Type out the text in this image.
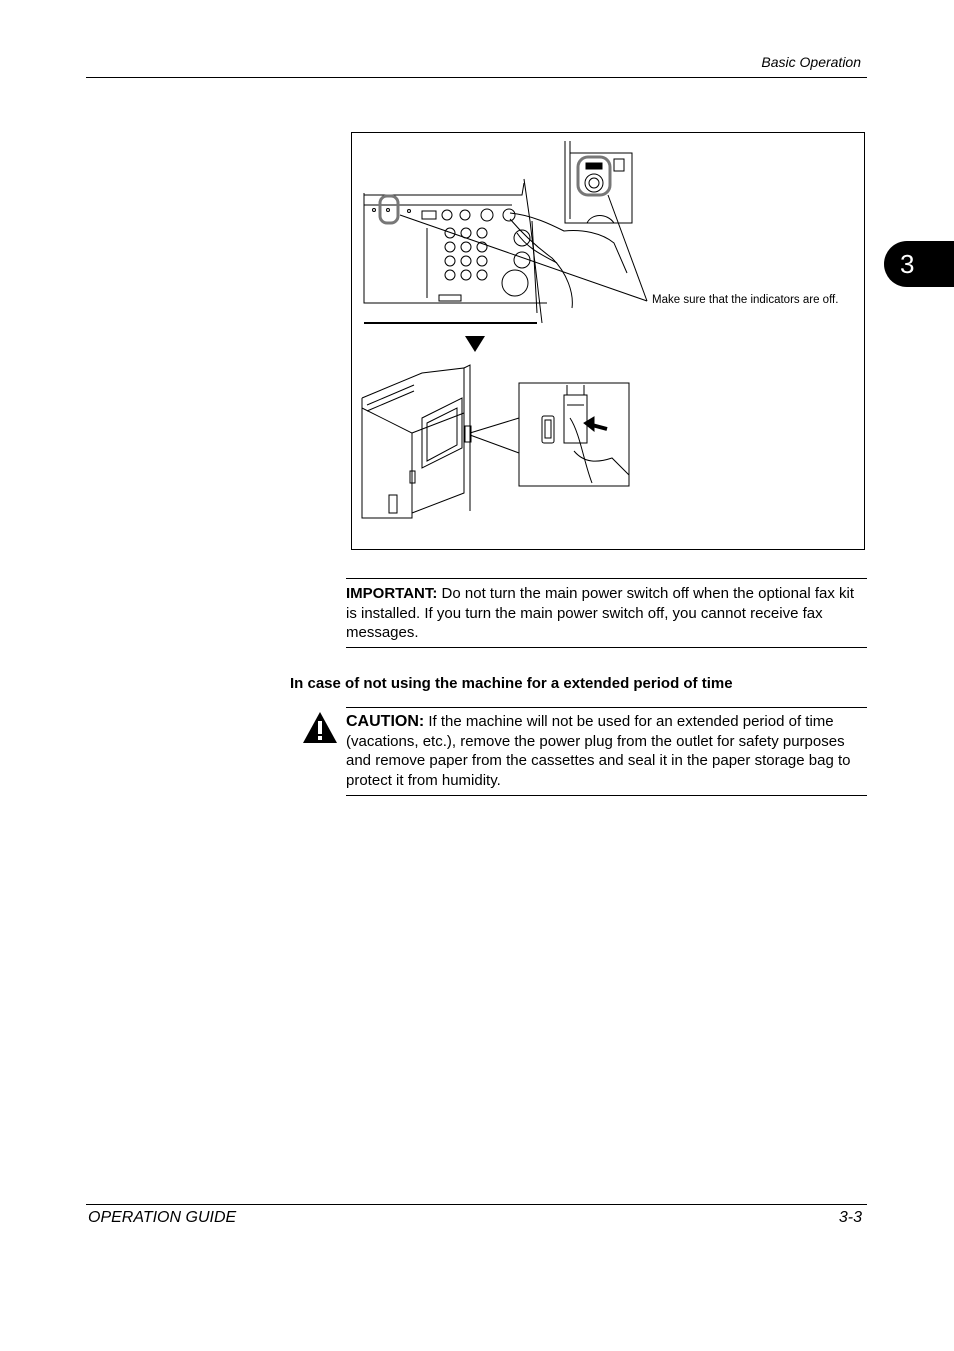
Basic Operation
3
Make sure that the indicators are off.
IMPORTANT: Do not turn the main power switch off when the optional fax kit is installed. If you turn the main power switch off, you cannot receive fax messages.
In case of not using the machine for a extended period of time
CAUTION: If the machine will not be used for an extended period of time (vacations, etc.), remove the power plug from the outlet for safety purposes and remove paper from the cassettes and seal it in the paper storage bag to protect it from humidity.
OPERATION GUIDE	3-3
